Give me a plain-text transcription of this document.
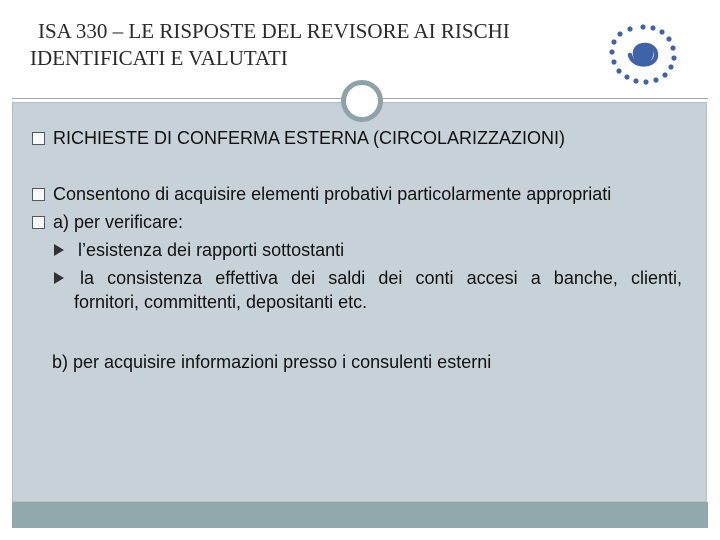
ISA 330 – LE RISPOSTE DEL REVISORE AI RISCHI
IDENTIFICATI E VALUTATI
RICHIESTE DI CONFERMA ESTERNA (CIRCOLARIZZAZIONI)
Consentono di acquisire elementi probativi particolarmente appropriati
a) per verificare:
l’esistenza dei rapporti sottostanti
la consistenza effettiva dei saldi dei conti accesi a banche, clienti,
fornitori, committenti, depositanti etc.
b) per acquisire informazioni presso i consulenti esterni
